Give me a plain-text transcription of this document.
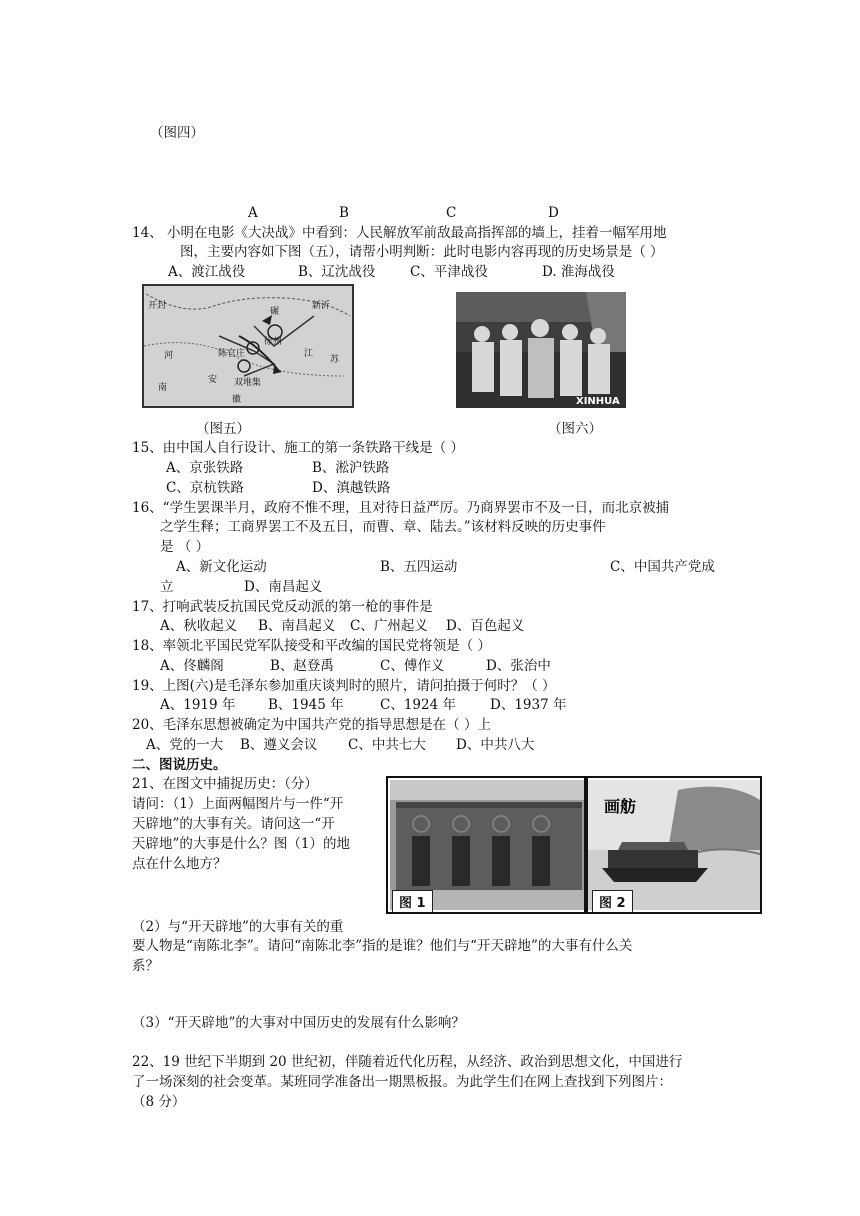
（图四）
A	B	C	D
14、 小明在电影《大决战》中看到：人民解放军前敌最高指挥部的墙上，挂着一幅军用地
图，主要内容如下图（五），请帮小明判断：此时电影内容再现的历史场景是（ ）
A、渡江战役	B、辽沈战役	C、平津战役	D. 淮海战役
开封
河
南
陈官庄
徐州
碾
安 双堆集
新沂
江
苏
徽	XINHUA
（图五）	（图六）
15、由中国人自行设计、施工的第一条铁路干线是（ ）
A、京张铁路	B、淞沪铁路
C、京杭铁路	D、滇越铁路
16、“学生罢课半月，政府不惟不理，且对待日益严厉。乃商界罢市不及一日，而北京被捕
之学生释；工商界罢工不及五日，而曹、章、陆去。”该材料反映的历史事件
是 （ ）
A、新文化运动	B、五四运动	C、中国共产党成
立	D、南昌起义
17、打响武装反抗国民党反动派的第一枪的事件是
A、秋收起义 B、南昌起义 C、广州起义 D、百色起义
18、率领北平国民党军队接受和平改编的国民党将领是（ ）
A、佟麟阁	B、赵登禹	C、傅作义	D、张治中
19、上图(六)是毛泽东参加重庆谈判时的照片，请问拍摄于何时？（ ）
A、1919 年 B、1945 年	C、1924 年	D、1937 年
20、毛泽东思想被确定为中国共产党的指导思想是在（ ）上
A、党的一大 B、遵义会议 C、中共七大 D、中共八大
二、图说历史。
21、在图文中捕捉历史：（分）
请问：（1）上面两幅图片与一件“开
天辟地”的大事有关。请问这一“开
天辟地”的大事是什么？图（1）的地
点在什么地方？
画舫
图 1	图 2
（2）与“开天辟地”的大事有关的重
要人物是“南陈北李”。请问“南陈北李”指的是谁？他们与“开天辟地”的大事有什么关
系？
（3）“开天辟地”的大事对中国历史的发展有什么影响？
22、19 世纪下半期到 20 世纪初，伴随着近代化历程，从经济、政治到思想文化，中国进行
了一场深刻的社会变革。某班同学准备出一期黑板报。为此学生们在网上查找到下列图片：
（8 分）
